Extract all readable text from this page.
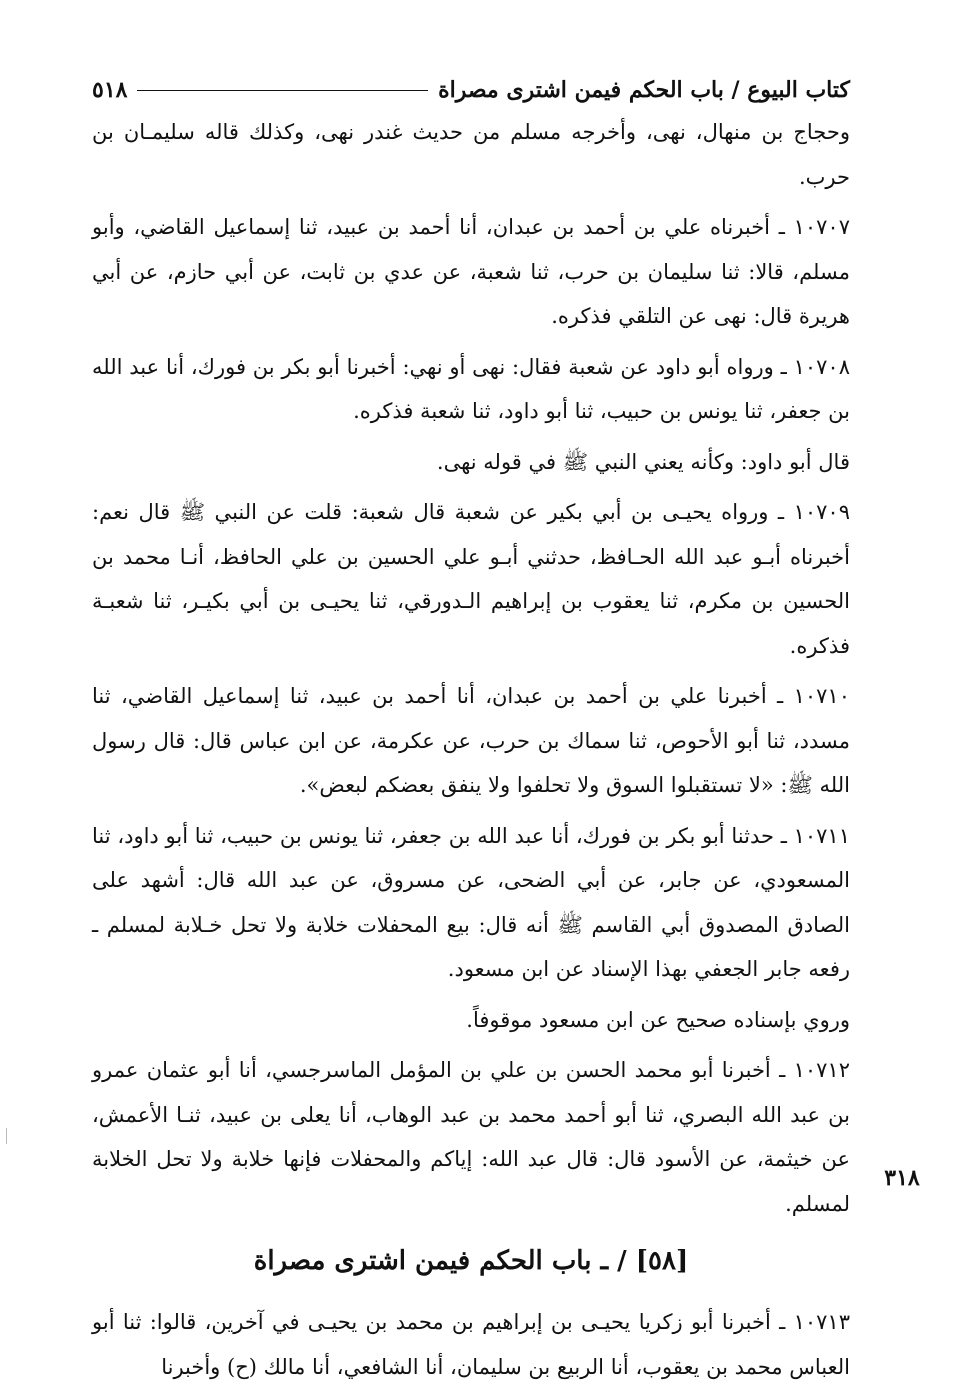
كتاب البيوع / باب الحكم فيمن اشترى مصراة
٥١٨

وحجاج بن منهال، نهى، وأخرجه مسلم من حديث غندر نهى، وكذلك قاله سليمـان بن حرب.

١٠٧٠٧ ـ أخبرناه علي بن أحمد بن عبدان، أنا أحمد بن عبيد، ثنا إسماعيل القاضي، وأبو مسلم، قالا: ثنا سليمان بن حرب، ثنا شعبة، عن عدي بن ثابت، عن أبي حازم، عن أبي هريرة قال: نهى عن التلقي فذكره.

١٠٧٠٨ ـ ورواه أبو داود عن شعبة فقال: نهى أو نهي: أخبرنا أبو بكر بن فورك، أنا عبد الله بن جعفر، ثنا يونس بن حبيب، ثنا أبو داود، ثنا شعبة فذكره.

قال أبو داود: وكأنه يعني النبي ﷺ في قوله نهى.

١٠٧٠٩ ـ ورواه يحيـى بن أبي بكير عن شعبة قال شعبة: قلت عن النبي ﷺ قال نعم: أخبرناه أبـو عبد الله الحـافظ، حدثني أبـو علي الحسين بن علي الحافظ، أنـا محمد بن الحسين بن مكرم، ثنا يعقوب بن إبراهيم الـدورقي، ثنا يحيـى بن أبي بكيـر، ثنا شعبـة فذكره.

١٠٧١٠ ـ أخبرنا علي بن أحمد بن عبدان، أنا أحمد بن عبيد، ثنا إسماعيل القاضي، ثنا مسدد، ثنا أبو الأحوص، ثنا سماك بن حرب، عن عكرمة، عن ابن عباس قال: قال رسول الله ﷺ: «لا تستقبلوا السوق ولا تحلفوا ولا ينفق بعضكم لبعض».

١٠٧١١ ـ حدثنا أبو بكر بن فورك، أنا عبد الله بن جعفر، ثنا يونس بن حبيب، ثنا أبو داود، ثنا المسعودي، عن جابر، عن أبي الضحى، عن مسروق، عن عبد الله قال: أشهد على الصادق المصدوق أبي القاسم ﷺ أنه قال: بيع المحفلات خلابة ولا تحل خـلابة لمسلم ـ رفعه جابر الجعفي بهذا الإسناد عن ابن مسعود.

وروي بإسناده صحيح عن ابن مسعود موقوفاً.

١٠٧١٢ ـ أخبرنا أبو محمد الحسن بن علي بن المؤمل الماسرجسي، أنا أبو عثمان عمرو بن عبد الله البصري، ثنا أبو أحمد محمد بن عبد الوهاب، أنا يعلى بن عبيد، ثنـا الأعمش، عن خيثمة، عن الأسود قال: قال عبد الله: إياكم والمحفلات فإنها خلابة ولا تحل الخلابة لمسلم.

[٥٨] / ـ باب الحكم فيمن اشترى مصراة

١٠٧١٣ ـ أخبرنا أبو زكريا يحيـى بن إبراهيم بن محمد بن يحيـى في آخرين، قالوا: ثنا أبو العباس محمد بن يعقوب، أنا الربيع بن سليمان، أنا الشافعي، أنا مالك (ح) وأخبرنا

٣١٨
